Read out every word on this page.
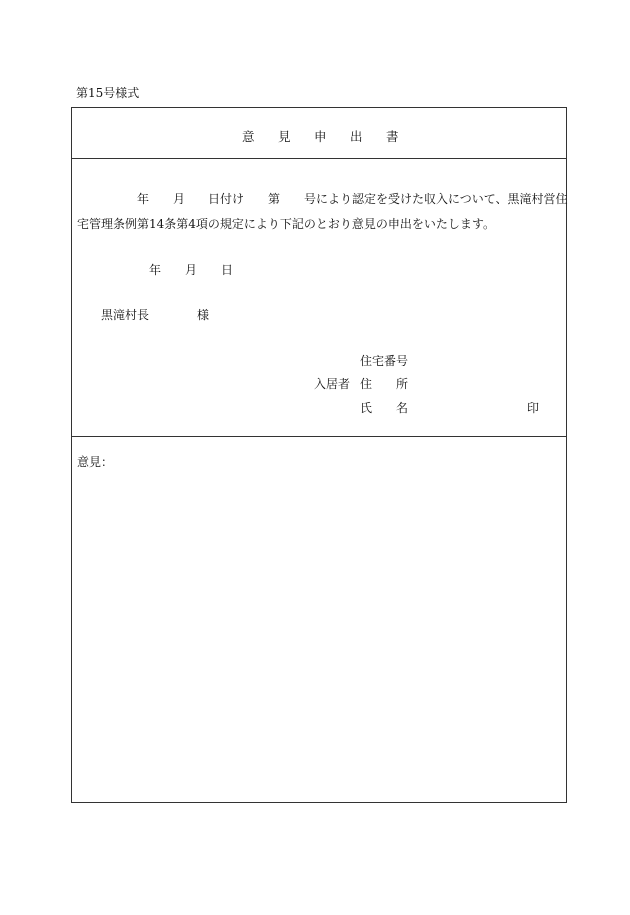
第15号様式
意 見 申 出 書
年 月 日付け 第 号により認定を受けた収入について、黒滝村営住
宅管理条例第14条第4項の規定により下記のとおり意見の申出をいたします。
年 月 日
黒滝村長	様
住宅番号
入居者 住 所
氏 名	印
意見：
